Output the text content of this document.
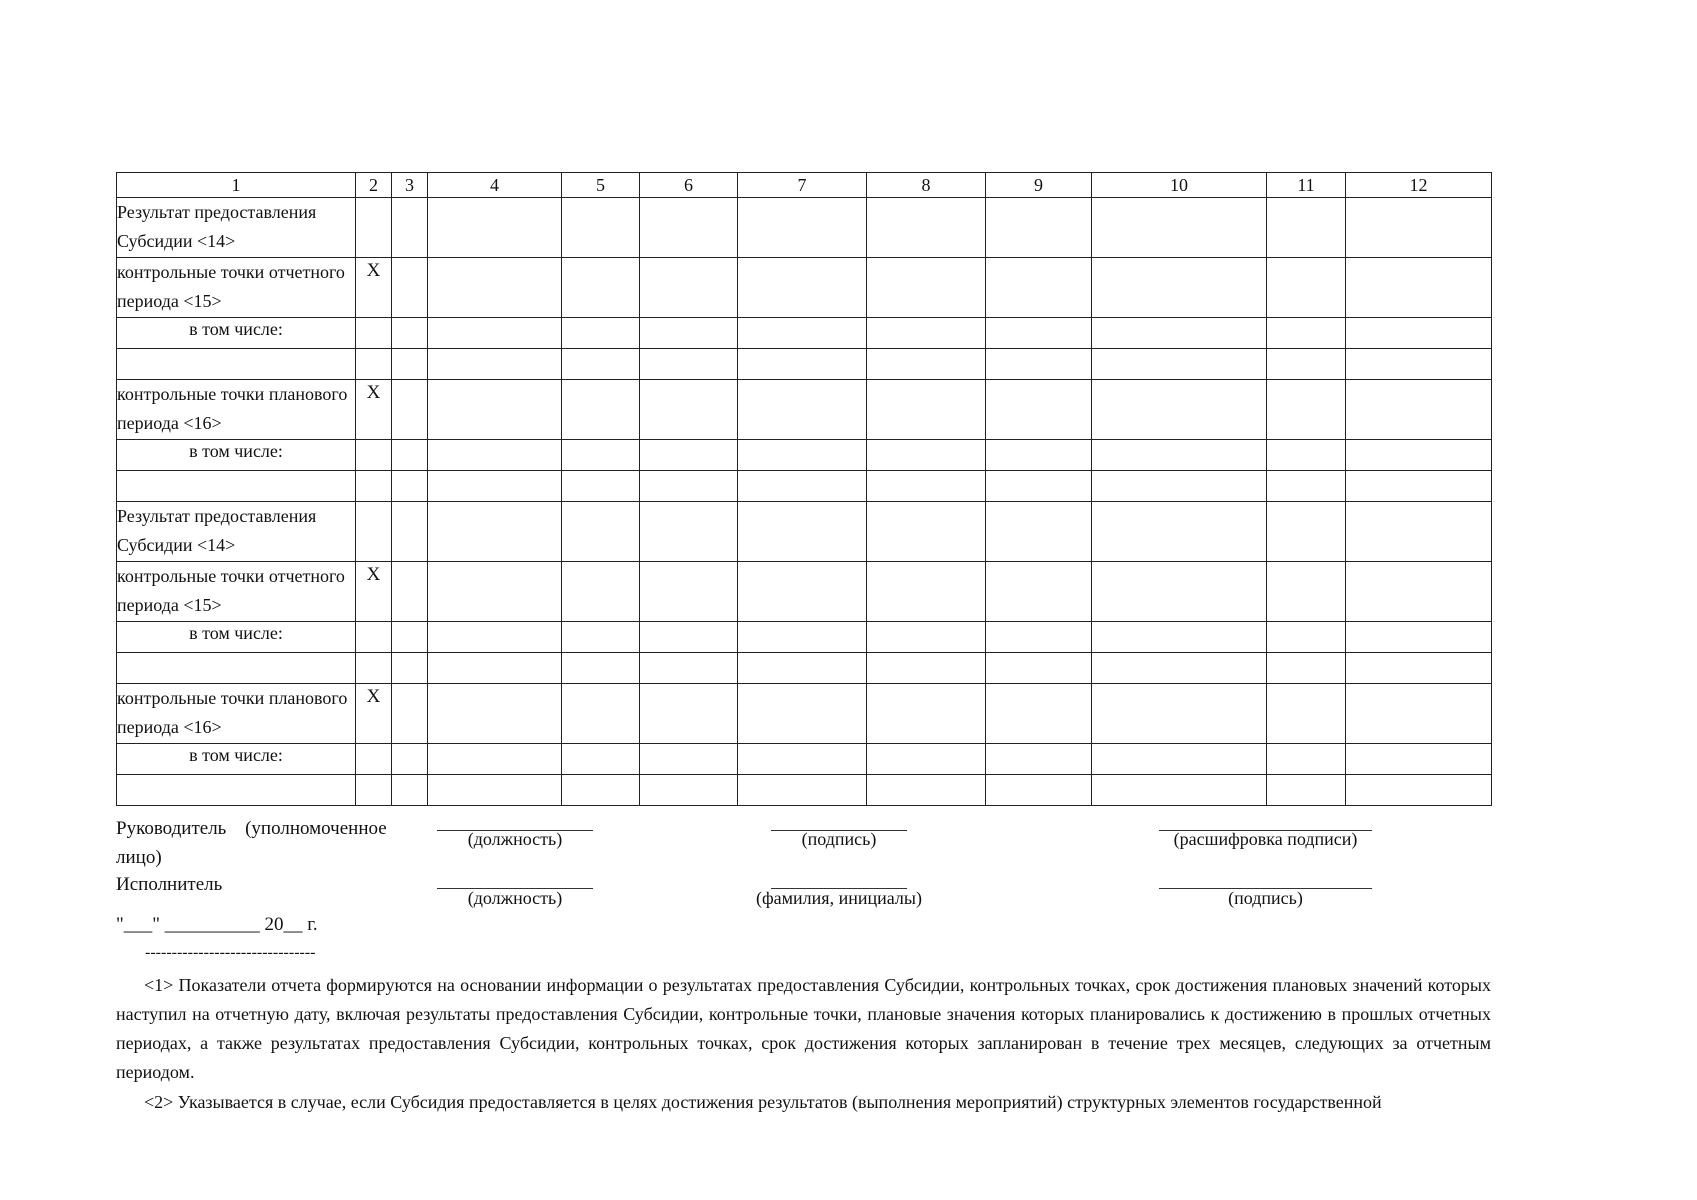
1	2	3	4	5	6	7	8	9	10	11	12
Результат предоставления Субсидии <14>											
контрольные точки отчетного периода <15>	X										
в том числе:											

контрольные точки планового периода <16>	X										
в том числе:											

Результат предоставления Субсидии <14>											
контрольные точки отчетного периода <15>	X										
в том числе:											

контрольные точки планового периода <16>	X										
в том числе:											

Руководитель (уполномоченное
лицо)
(должность)	(подпись)	(расшифровка подписи)
Исполнитель
(должность)	(фамилия, инициалы)	(подпись)
"___" __________ 20__ г.
--------------------------------
<1> Показатели отчета формируются на основании информации о результатах предоставления Субсидии, контрольных точках, срок достижения плановых значений которых наступил на отчетную дату, включая результаты предоставления Субсидии, контрольные точки, плановые значения которых планировались к достижению в прошлых отчетных периодах, а также результатах предоставления Субсидии, контрольных точках, срок достижения которых запланирован в течение трех месяцев, следующих за отчетным периодом.
<2> Указывается в случае, если Субсидия предоставляется в целях достижения результатов (выполнения мероприятий) структурных элементов государственной
